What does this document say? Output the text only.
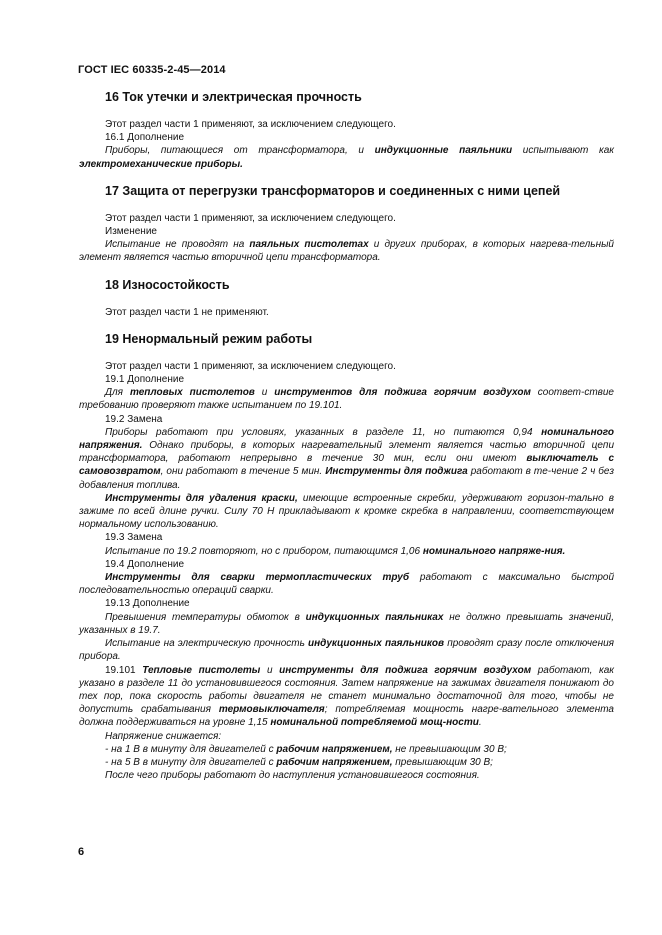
ГОСТ IEC 60335-2-45—2014
16 Ток утечки и электрическая прочность
Этот раздел части 1 применяют, за исключением следующего.
16.1 Дополнение
Приборы, питающиеся от трансформатора, и индукционные паяльники испытывают как электромеханические приборы.
17 Защита от перегрузки трансформаторов и соединенных с ними цепей
Этот раздел части 1 применяют, за исключением следующего.
Изменение
Испытание не проводят на паяльных пистолетах и других приборах, в которых нагрева-тельный элемент является частью вторичной цепи трансформатора.
18 Износостойкость
Этот раздел части 1 не применяют.
19 Ненормальный режим работы
Этот раздел части 1 применяют, за исключением следующего.
19.1 Дополнение
Для тепловых пистолетов и инструментов для поджига горячим воздухом соответ-ствие требованию проверяют также испытанием по 19.101.
19.2 Замена
Приборы работают при условиях, указанных в разделе 11, но питаются 0,94 номинального напряжения. Однако приборы, в которых нагревательный элемент является частью вторичной цепи трансформатора, работают непрерывно в течение 30 мин, если они имеют выключатель с самовозвратом, они работают в течение 5 мин. Инструменты для поджига работают в те-чение 2 ч без добавления топлива.
Инструменты для удаления краски, имеющие встроенные скребки, удерживают горизон-тально в зажиме по всей длине ручки. Силу 70 Н прикладывают к кромке скребка в направлении, соответствующем нормальному использованию.
19.3 Замена
Испытание по 19.2 повторяют, но с прибором, питающимся 1,06 номинального напряже-ния.
19.4 Дополнение
Инструменты для сварки термопластических труб работают с максимально быстрой последовательностью операций сварки.
19.13 Дополнение
Превышения температуры обмоток в индукционных паяльниках не должно превышать значений, указанных в 19.7.
Испытание на электрическую прочность индукционных паяльников проводят сразу после отключения прибора.
19.101 Тепловые пистолеты и инструменты для поджига горячим воздухом работают, как указано в разделе 11 до установившегося состояния. Затем напряжение на зажимах двигателя понижают до тех пор, пока скорость работы двигателя не станет минимально достаточной для того, чтобы не допустить срабатывания термовыключателя; потребляемая мощность нагре-вательного элемента должна поддерживаться на уровне 1,15 номинальной потребляемой мощ-ности.
Напряжение снижается:
- на 1 В в минуту для двигателей с рабочим напряжением, не превышающим 30 В;
- на 5 В в минуту для двигателей с рабочим напряжением, превышающим 30 В;
После чего приборы работают до наступления установившегося состояния.
6
